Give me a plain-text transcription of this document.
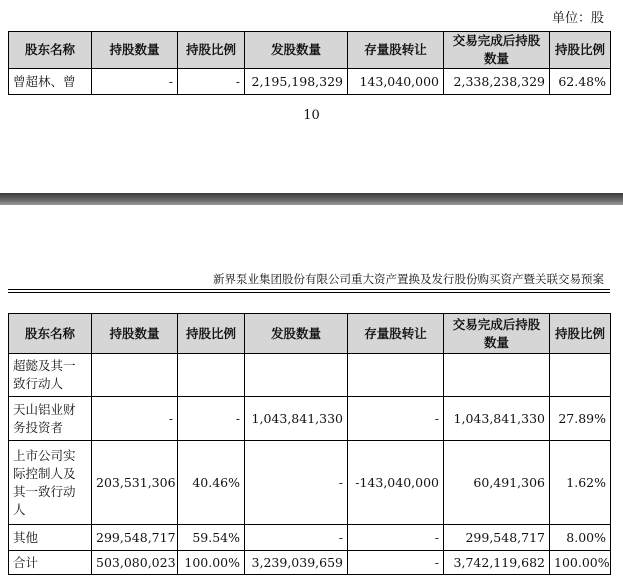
单位：股
股东名称	持股数量	持股比例	发股数量	存量股转让	交易完成后持股数量	持股比例
曾超林、曾	-	-	2,195,198,329	143,040,000	2,338,238,329	62.48%
10
新界泵业集团股份有限公司重大资产置换及发行股份购买资产暨关联交易预案
股东名称	持股数量	持股比例	发股数量	存量股转让	交易完成后持股数量	持股比例
超懿及其一致行动人						
天山铝业财务投资者	-	-	1,043,841,330	-	1,043,841,330	27.89%
上市公司实际控制人及其一致行动人	203,531,306	40.46%	-	-143,040,000	60,491,306	1.62%
其他	299,548,717	59.54%	-	-	299,548,717	8.00%
合计	503,080,023	100.00%	3,239,039,659	-	3,742,119,682	100.00%
